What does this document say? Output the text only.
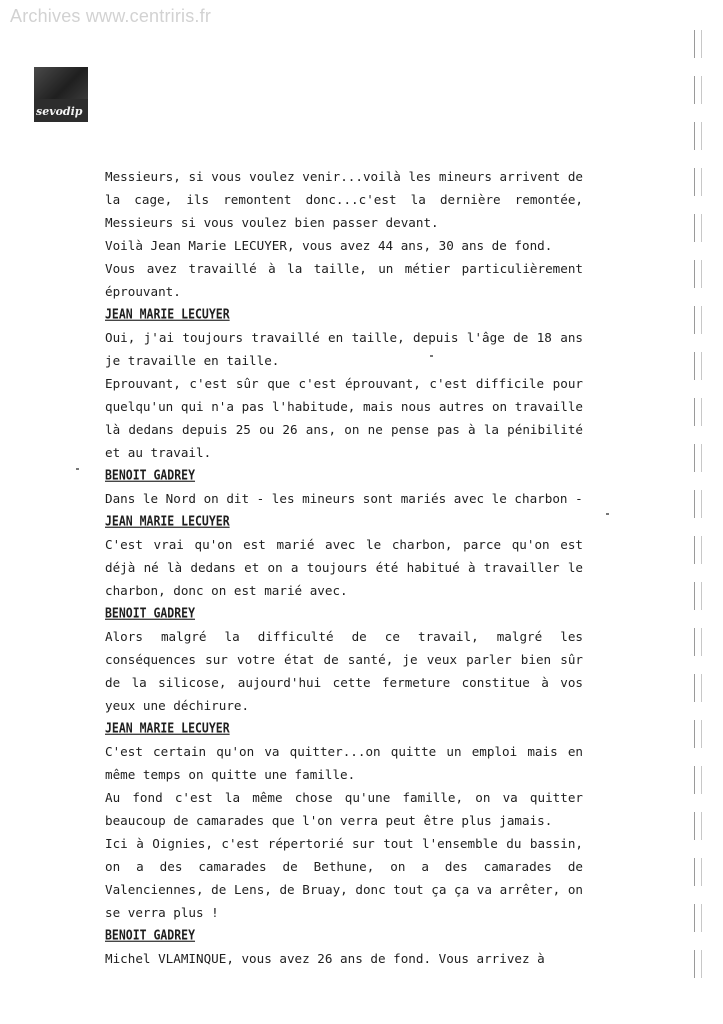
Archives www.centriris.fr
sevodip
Messieurs, si vous voulez venir...voilà les mineurs arrivent de
la cage, ils remontent donc...c'est la dernière remontée,
Messieurs si vous voulez bien passer devant.
Voilà Jean Marie LECUYER, vous avez 44 ans, 30 ans de fond.
Vous avez travaillé à la taille, un métier particulièrement
éprouvant.
JEAN MARIE LECUYER
Oui, j'ai toujours travaillé en taille, depuis l'âge de 18 ans
je travaille en taille.
Eprouvant, c'est sûr que c'est éprouvant, c'est difficile pour
quelqu'un qui n'a pas l'habitude, mais nous autres on travaille
là dedans depuis 25 ou 26 ans, on ne pense pas à la pénibilité
et au travail.
BENOIT GADREY
Dans le Nord on dit - les mineurs sont mariés avec le charbon -
JEAN MARIE LECUYER
C'est vrai qu'on est marié avec le charbon, parce qu'on est
déjà né là dedans et on a toujours été habitué à travailler le
charbon, donc on est marié avec.
BENOIT GADREY
Alors malgré la difficulté de ce travail, malgré les
conséquences sur votre état de santé, je veux parler bien sûr
de la silicose, aujourd'hui cette fermeture constitue à vos
yeux une déchirure.
JEAN MARIE LECUYER
C'est certain qu'on va quitter...on quitte un emploi mais en
même temps on quitte une famille.
Au fond c'est la même chose qu'une famille, on va quitter
beaucoup de camarades que l'on verra peut être plus jamais.
Ici à Oignies, c'est répertorié sur tout l'ensemble du bassin,
on a des camarades de Bethune, on a des camarades de
Valenciennes, de Lens, de Bruay, donc tout ça ça va arrêter, on
se verra plus !
BENOIT GADREY
Michel VLAMINQUE, vous avez 26 ans de fond. Vous arrivez à
